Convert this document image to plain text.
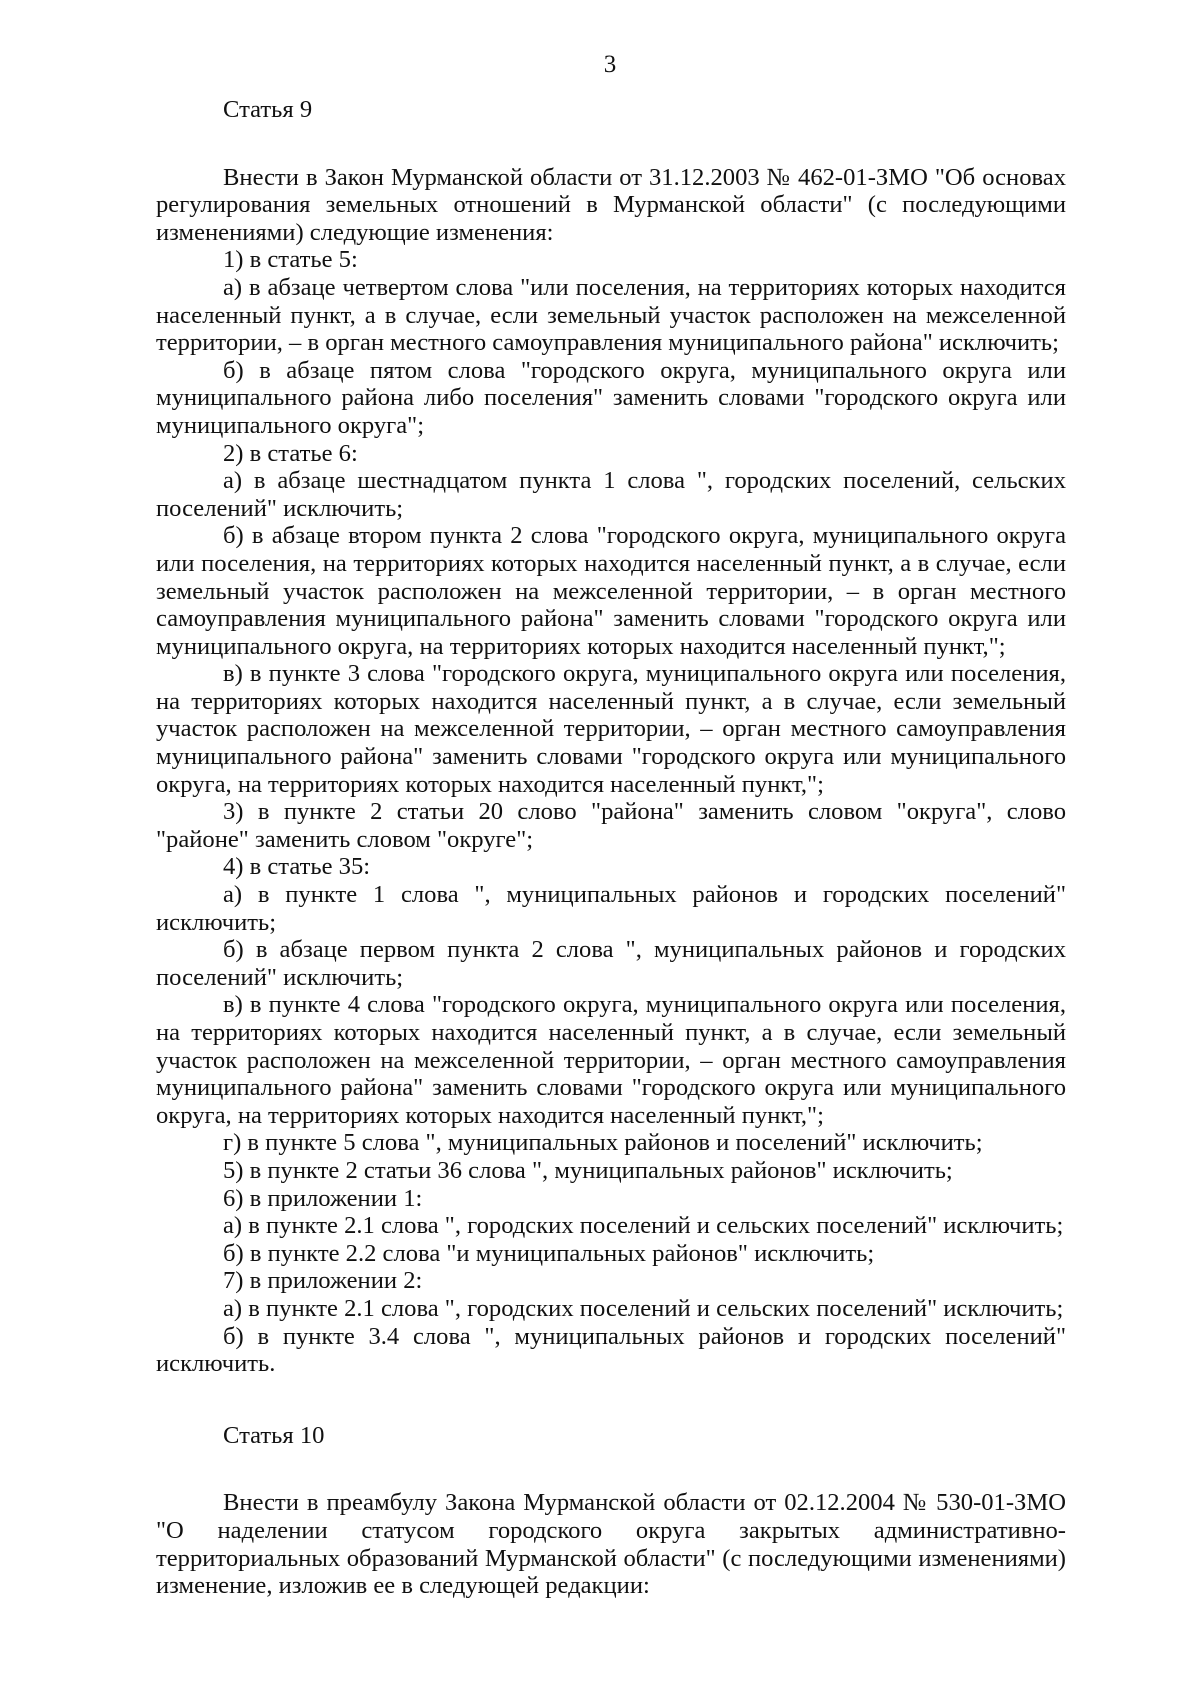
3

Статья 9

Внести в Закон Мурманской области от 31.12.2003 № 462-01-ЗМО "Об основах регулирования земельных отношений в Мурманской области" (с последующими изменениями) следующие изменения:

1) в статье 5:

а) в абзаце четвертом слова "или поселения, на территориях которых находится населенный пункт, а в случае, если земельный участок расположен на межселенной территории, – в орган местного самоуправления муниципального района" исключить;

б) в абзаце пятом слова "городского округа, муниципального округа или муниципального района либо поселения" заменить словами "городского округа или муниципального округа";

2) в статье 6:

а) в абзаце шестнадцатом пункта 1 слова ", городских поселений, сельских поселений" исключить;

б) в абзаце втором пункта 2 слова "городского округа, муниципального округа или поселения, на территориях которых находится населенный пункт, а в случае, если земельный участок расположен на межселенной территории, – в орган местного самоуправления муниципального района" заменить словами "городского округа или муниципального округа, на территориях которых находится населенный пункт,";

в) в пункте 3 слова "городского округа, муниципального округа или поселения, на территориях которых находится населенный пункт, а в случае, если земельный участок расположен на межселенной территории, – орган местного самоуправления муниципального района" заменить словами "городского округа или муниципального округа, на территориях которых находится населенный пункт,";

3) в пункте 2 статьи 20 слово "района" заменить словом "округа", слово "районе" заменить словом "округе";

4) в статье 35:

а) в пункте 1 слова ", муниципальных районов и городских поселений" исключить;

б) в абзаце первом пункта 2 слова ", муниципальных районов и городских поселений" исключить;

в) в пункте 4 слова "городского округа, муниципального округа или поселения, на территориях которых находится населенный пункт, а в случае, если земельный участок расположен на межселенной территории, – орган местного самоуправления муниципального района" заменить словами "городского округа или муниципального округа, на территориях которых находится населенный пункт,";

г) в пункте 5 слова ", муниципальных районов и поселений" исключить;

5) в пункте 2 статьи 36 слова ", муниципальных районов" исключить;

6) в приложении 1:

а) в пункте 2.1 слова ", городских поселений и сельских поселений" исключить;

б) в пункте 2.2 слова "и муниципальных районов" исключить;

7) в приложении 2:

а) в пункте 2.1 слова ", городских поселений и сельских поселений" исключить;

б) в пункте 3.4 слова ", муниципальных районов и городских поселений" исключить.

Статья 10

Внести в преамбулу Закона Мурманской области от 02.12.2004 № 530-01-ЗМО "О наделении статусом городского округа закрытых административно-территориальных образований Мурманской области" (с последующими изменениями) изменение, изложив ее в следующей редакции:
